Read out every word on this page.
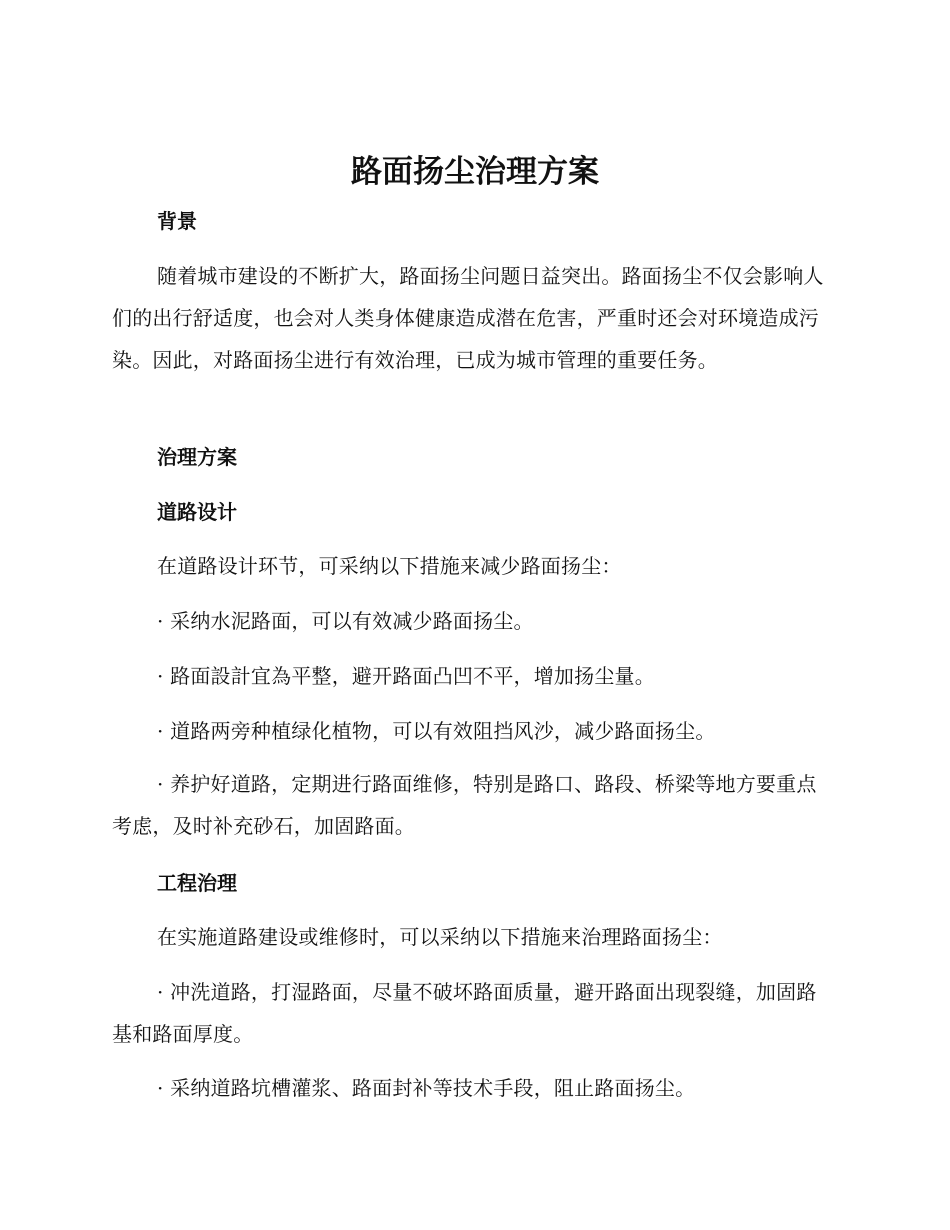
路面扬尘治理方案
背景

随着城市建设的不断扩大，路面扬尘问题日益突出。路面扬尘不仅会影响人们的出行舒适度，也会对人类身体健康造成潜在危害，严重时还会对环境造成污染。因此，对路面扬尘进行有效治理，已成为城市管理的重要任务。

治理方案
道路设计

在道路设计环节，可采纳以下措施来减少路面扬尘：

· 采纳水泥路面，可以有效减少路面扬尘。

· 路面設計宜為平整，避开路面凸凹不平，增加扬尘量。

· 道路两旁种植绿化植物，可以有效阻挡风沙，减少路面扬尘。

· 养护好道路，定期进行路面维修，特别是路口、路段、桥梁等地方要重点考虑，及时补充砂石，加固路面。

工程治理

在实施道路建设或维修时，可以采纳以下措施来治理路面扬尘：

· 冲洗道路，打湿路面，尽量不破坏路面质量，避开路面出现裂缝，加固路基和路面厚度。

· 采纳道路坑槽灌浆、路面封补等技术手段，阻止路面扬尘。
